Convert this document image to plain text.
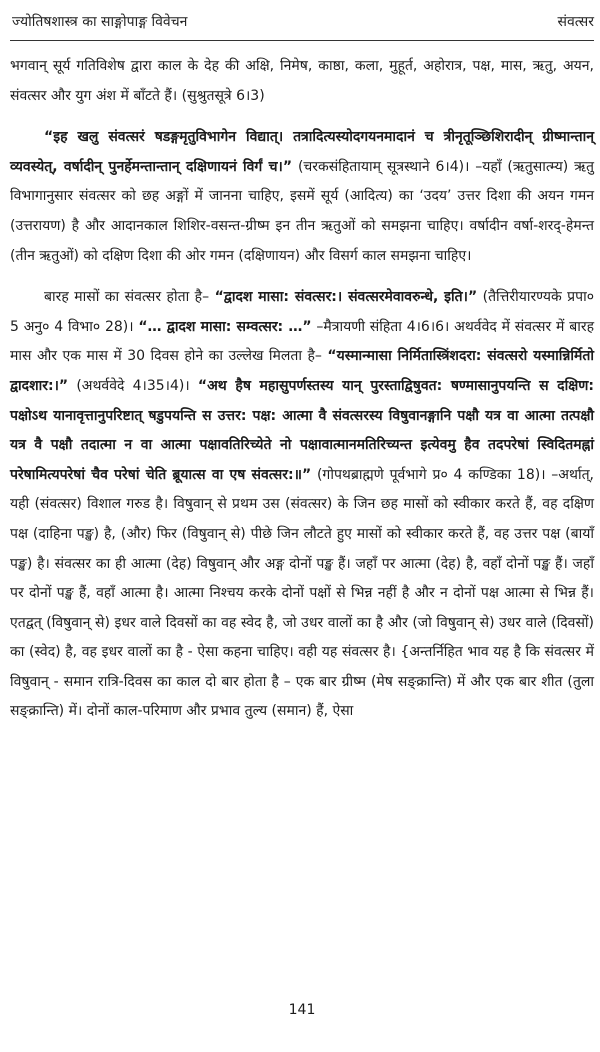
ज्योतिषशास्त्र का साङ्गोपाङ्ग विवेचन	संवत्सर

भगवान् सूर्य गतिविशेष द्वारा काल के देह की अक्षि, निमेष, काष्ठा, कला, मुहूर्त, अहोरात्र, पक्ष, मास, ऋतु, अयन, संवत्सर और युग अंश में बाँटते हैं। (सुश्रुतसूत्रे 6।3)

“इह खलु संवत्सरं षडङ्गमृतुविभागेन विद्यात्। तत्रादित्यस्योदगयनमादानं च त्रीनृतूञ्छिशिरादीन् ग्रीष्मान्तान् व्यवस्येत्, वर्षादीन् पुनर्हेमन्तान्तान् दक्षिणायनं विर्गं च।” (चरकसंहितायाम् सूत्रस्थाने 6।4)। –यहाँ (ऋतुसात्म्य) ऋतु विभागानुसार संवत्सर को छह अङ्गों में जानना चाहिए, इसमें सूर्य (आदित्य) का ‘उदय’ उत्तर दिशा की अयन गमन (उत्तरायण) है और आदानकाल शिशिर-वसन्त-ग्रीष्म इन तीन ऋतुओं को समझना चाहिए। वर्षादीन वर्षा-शरद्-हेमन्त (तीन ऋतुओं) को दक्षिण दिशा की ओर गमन (दक्षिणायन) और विसर्ग काल समझना चाहिए।

बारह मासों का संवत्सर होता है– “द्वादश मासा: संवत्सर:। संवत्सरमेवावरुन्धे, इति।” (तैत्तिरीयारण्यके प्रपा० 5 अनु० 4 विभा० 28)। “… द्वादश मासा: सम्वत्सर: …” –मैत्रायणी संहिता 4।6।6। अथर्ववेद में संवत्सर में बारह मास और एक मास में 30 दिवस होने का उल्लेख मिलता है– “यस्मान्मासा निर्मितास्त्रिंशदरा: संवत्सरो यस्मान्निर्मितो द्वादशार:।” (अथर्ववेदे 4।35।4)। “अथ हैष महासुपर्णस्तस्य यान् पुरस्ताद्विषुवत: षण्मासानुपयन्ति स दक्षिण: पक्षोऽथ यानावृत्तानुपरिष्टात् षडुपयन्ति स उत्तर: पक्ष: आत्मा वै संवत्सरस्य विषुवानङ्गानि पक्षौ यत्र वा आत्मा तत्पक्षौ यत्र वै पक्षौ तदात्मा न वा आत्मा पक्षावतिरिच्येते नो पक्षावात्मानमतिरिच्यन्त इत्येवमु हैव तदपरेषां स्विदितमह्नां परेषामित्यपरेषां चैव परेषां चेति ब्रूयात्स वा एष संवत्सर:॥” (गोपथब्राह्मणे पूर्वभागे प्र० 4 कण्डिका 18)। –अर्थात्, यही (संवत्सर) विशाल गरुड है। विषुवान् से प्रथम उस (संवत्सर) के जिन छह मासों को स्वीकार करते हैं, वह दक्षिण पक्ष (दाहिना पङ्ख) है, (और) फिर (विषुवान् से) पीछे जिन लौटते हुए मासों को स्वीकार करते हैं, वह उत्तर पक्ष (बायाँ पङ्ख) है। संवत्सर का ही आत्मा (देह) विषुवान् और अङ्ग दोनों पङ्ख हैं। जहाँ पर आत्मा (देह) है, वहाँ दोनों पङ्ख हैं। जहाँ पर दोनों पङ्ख हैं, वहाँ आत्मा है। आत्मा निश्चय करके दोनों पक्षों से भिन्न नहीं है और न दोनों पक्ष आत्मा से भिन्न हैं। एतद्वत् (विषुवान् से) इधर वाले दिवसों का वह स्वेद है, जो उधर वालों का है और (जो विषुवान् से) उधर वाले (दिवसों) का (स्वेद) है, वह इधर वालों का है - ऐसा कहना चाहिए। वही यह संवत्सर है। {अन्तर्निहित भाव यह है कि संवत्सर में विषुवान् - समान रात्रि-दिवस का काल दो बार होता है – एक बार ग्रीष्म (मेष सङ्क्रान्ति) में और एक बार शीत (तुला सङ्क्रान्ति) में। दोनों काल-परिमाण और प्रभाव तुल्य (समान) हैं, ऐसा

141
